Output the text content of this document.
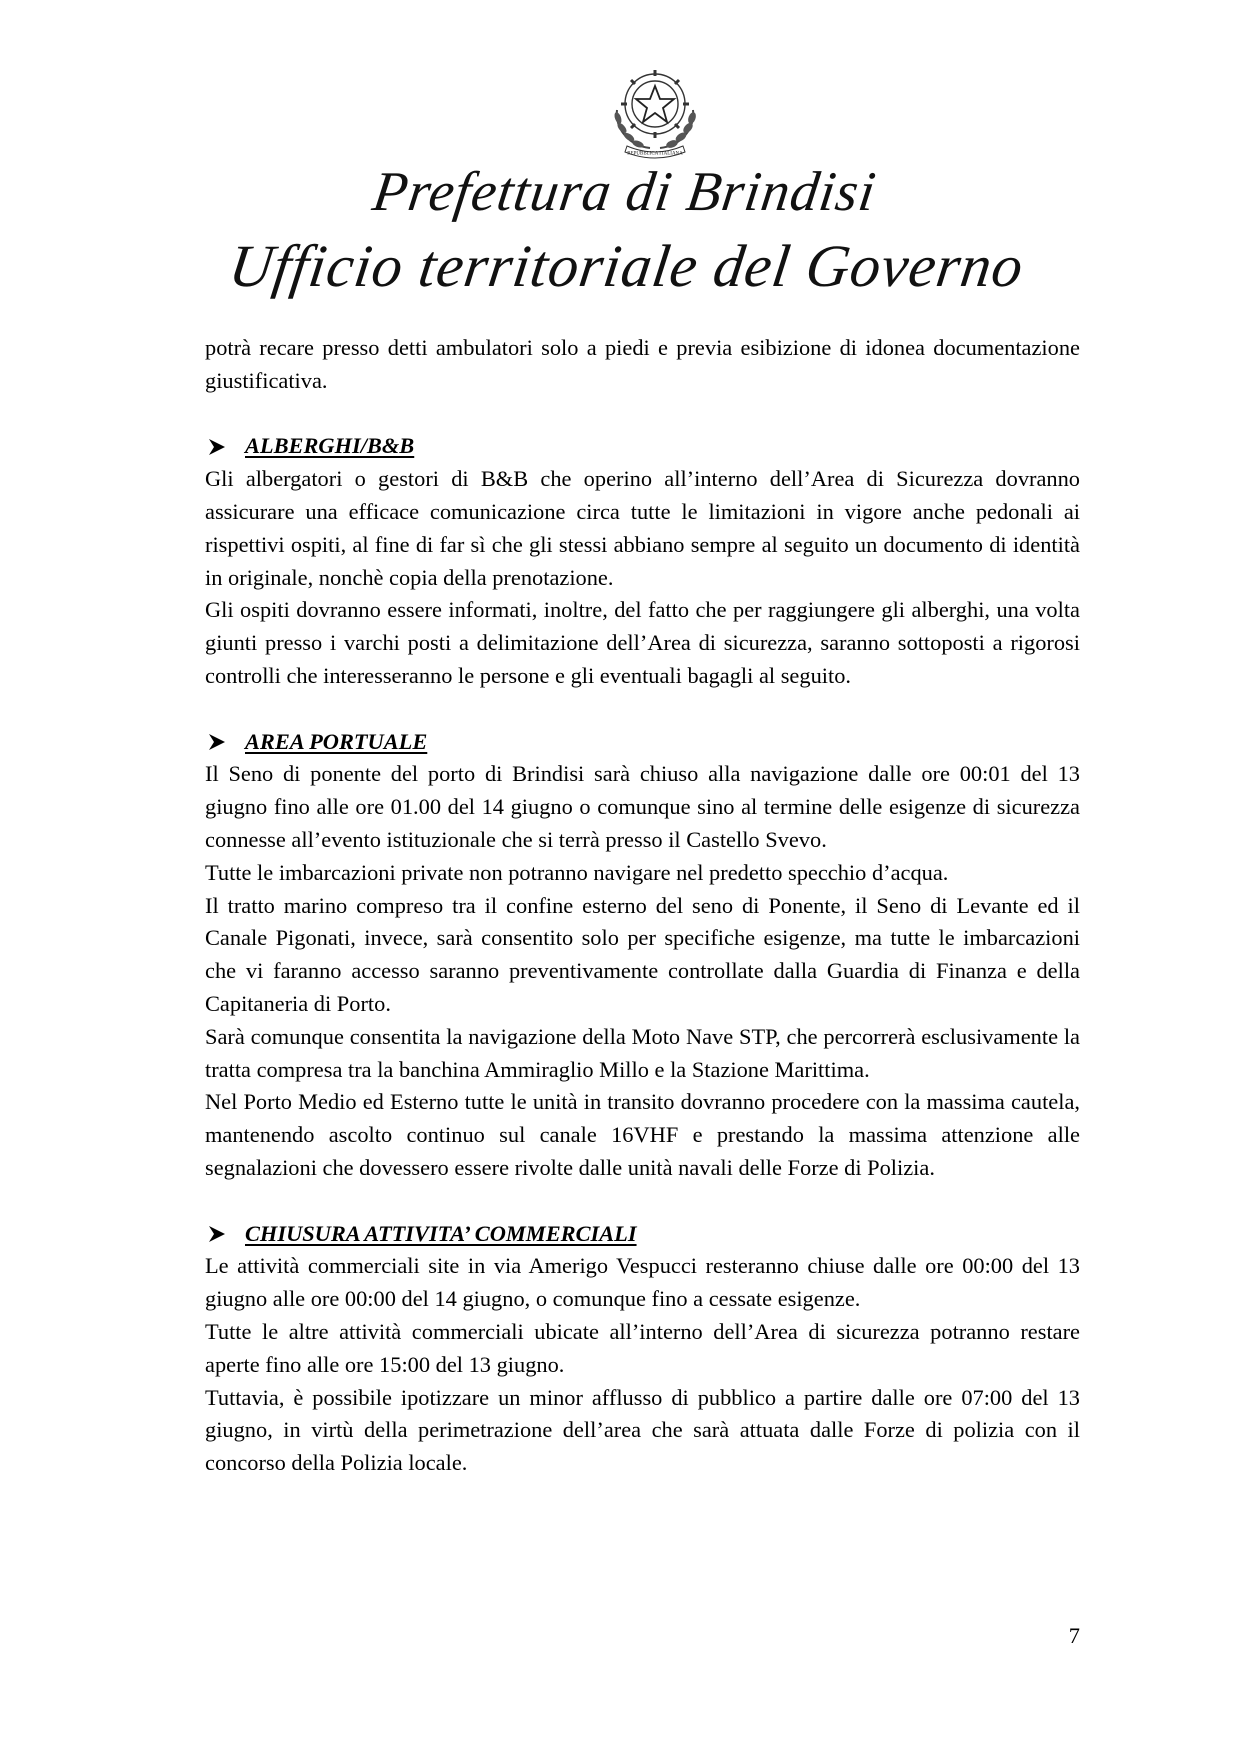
REPUBBLICA ITALIANA
Prefettura di Brindisi
Ufficio territoriale del Governo

potrà recare presso detti ambulatori solo a piedi e previa esibizione di idonea documentazione giustificativa.

ALBERGHI/B&B

Gli albergatori o gestori di B&B che operino all’interno dell’Area di Sicurezza dovranno assicurare una efficace comunicazione circa tutte le limitazioni in vigore anche pedonali ai rispettivi ospiti, al fine di far sì che gli stessi abbiano sempre al seguito un documento di identità in originale, nonchè copia della prenotazione.

Gli ospiti dovranno essere informati, inoltre, del fatto che per raggiungere gli alberghi, una volta giunti presso i varchi posti a delimitazione dell’Area di sicurezza, saranno sottoposti a rigorosi controlli che interesseranno le persone e gli eventuali bagagli al seguito.

AREA PORTUALE

Il Seno di ponente del porto di Brindisi sarà chiuso alla navigazione dalle ore 00:01 del 13 giugno fino alle ore 01.00 del 14 giugno o comunque sino al termine delle esigenze di sicurezza connesse all’evento istituzionale che si terrà presso il Castello Svevo.

Tutte le imbarcazioni private non potranno navigare nel predetto specchio d’acqua.

Il tratto marino compreso tra il confine esterno del seno di Ponente, il Seno di Levante ed il Canale Pigonati, invece, sarà consentito solo per specifiche esigenze, ma tutte le imbarcazioni che vi faranno accesso saranno preventivamente controllate dalla Guardia di Finanza e della Capitaneria di Porto.

Sarà comunque consentita la navigazione della Moto Nave STP, che percorrerà esclusivamente la tratta compresa tra la banchina Ammiraglio Millo e la Stazione Marittima.

Nel Porto Medio ed Esterno tutte le unità in transito dovranno procedere con la massima cautela, mantenendo ascolto continuo sul canale 16VHF e prestando la massima attenzione alle segnalazioni che dovessero essere rivolte dalle unità navali delle Forze di Polizia.

CHIUSURA ATTIVITA’ COMMERCIALI

Le attività commerciali site in via Amerigo Vespucci resteranno chiuse dalle ore 00:00 del 13 giugno alle ore 00:00 del 14 giugno, o comunque fino a cessate esigenze.

Tutte le altre attività commerciali ubicate all’interno dell’Area di sicurezza potranno restare aperte fino alle ore 15:00 del 13 giugno.

Tuttavia, è possibile ipotizzare un minor afflusso di pubblico a partire dalle ore 07:00 del 13 giugno, in virtù della perimetrazione dell’area che sarà attuata dalle Forze di polizia con il concorso della Polizia locale.

7
